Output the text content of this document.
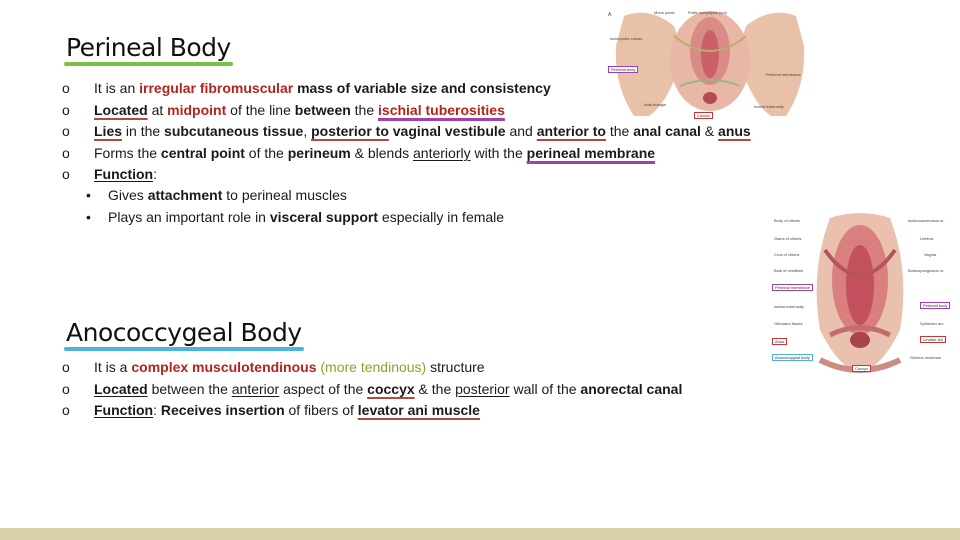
Perineal Body
o	It is an irregular fibromuscular mass of variable size and consistency
o	Located at midpoint of the line between the ischial tuberosities
o	Lies in the subcutaneous tissue, posterior to vaginal vestibule and anterior to the anal canal & anus
o	Forms the central point of the perineum & blends anteriorly with the perineal membrane
o	Function:
• Gives attachment to perineal muscles
• Plays an important role in visceral support especially in female
Anococcygeal Body
o	It is a complex musculotendinous (more tendinous) structure
o	Located between the anterior aspect of the coccyx & the posterior wall of the anorectal canal
o	Function: Receives insertion of fibers of levator ani muscle
A	Mons pubis	Pubic symphysis (cut)
Ischiopubic ramus
Perineal body
Perineal membrane
Anal triangle	Ischial tuberosity
Coccyx
Body of clitoris
Glans of clitoris
Crus of clitoris
Bulb of vestibule
Perineal membrane
Ischial tuberosity
Obturator fascia
Anus
Anococcygeal body
Ischiocavernosus m.
Urethra
Vagina
Bulbospongiosus m.
Perineal body
Sphincter ani
Levator ani
Gluteus maximus
Coccyx
